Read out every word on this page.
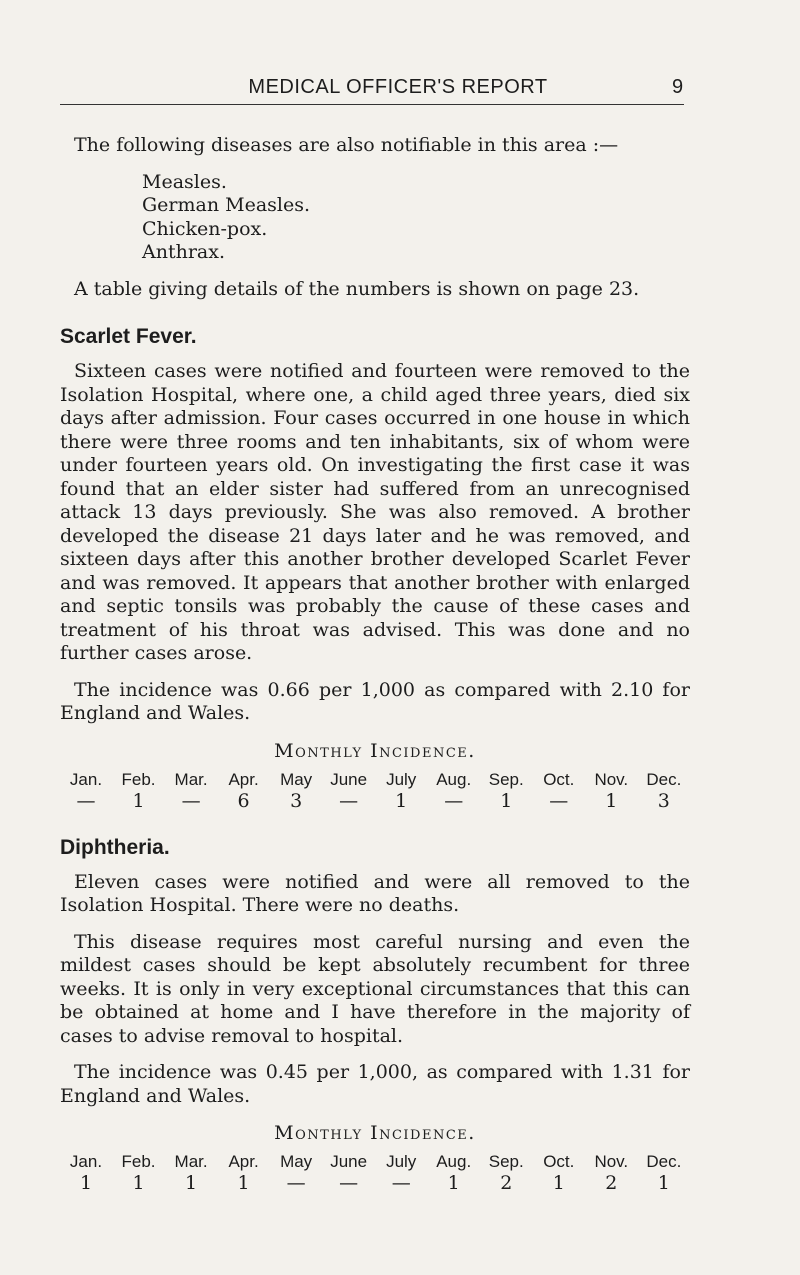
MEDICAL OFFICER'S REPORT	9

The following diseases are also notifiable in this area :—

Measles.
German Measles.
Chicken-pox.
Anthrax.

A table giving details of the numbers is shown on page 23.

Scarlet Fever.

Sixteen cases were notified and fourteen were removed to the Isolation Hospital, where one, a child aged three years, died six days after admission. Four cases occurred in one house in which there were three rooms and ten inhabitants, six of whom were under fourteen years old. On investigating the first case it was found that an elder sister had suffered from an unrecognised attack 13 days previously. She was also removed. A brother developed the disease 21 days later and he was removed, and sixteen days after this another brother developed Scarlet Fever and was removed. It appears that another brother with enlarged and septic tonsils was probably the cause of these cases and treatment of his throat was advised. This was done and no further cases arose.

The incidence was 0.66 per 1,000 as compared with 2.10 for England and Wales.

Monthly Incidence.
Jan.	Feb.	Mar.	Apr.	May	June	July	Aug.	Sep.	Oct.	Nov.	Dec.
—	1	—	6	3	—	1	—	1	—	1	3
Diphtheria.

Eleven cases were notified and were all removed to the Isolation Hospital. There were no deaths.

This disease requires most careful nursing and even the mildest cases should be kept absolutely recumbent for three weeks. It is only in very exceptional circumstances that this can be obtained at home and I have therefore in the majority of cases to advise removal to hospital.

The incidence was 0.45 per 1,000, as compared with 1.31 for England and Wales.

Monthly Incidence.
Jan.	Feb.	Mar.	Apr.	May	June	July	Aug.	Sep.	Oct.	Nov.	Dec.
1	1	1	1	—	—	—	1	2	1	2	1
